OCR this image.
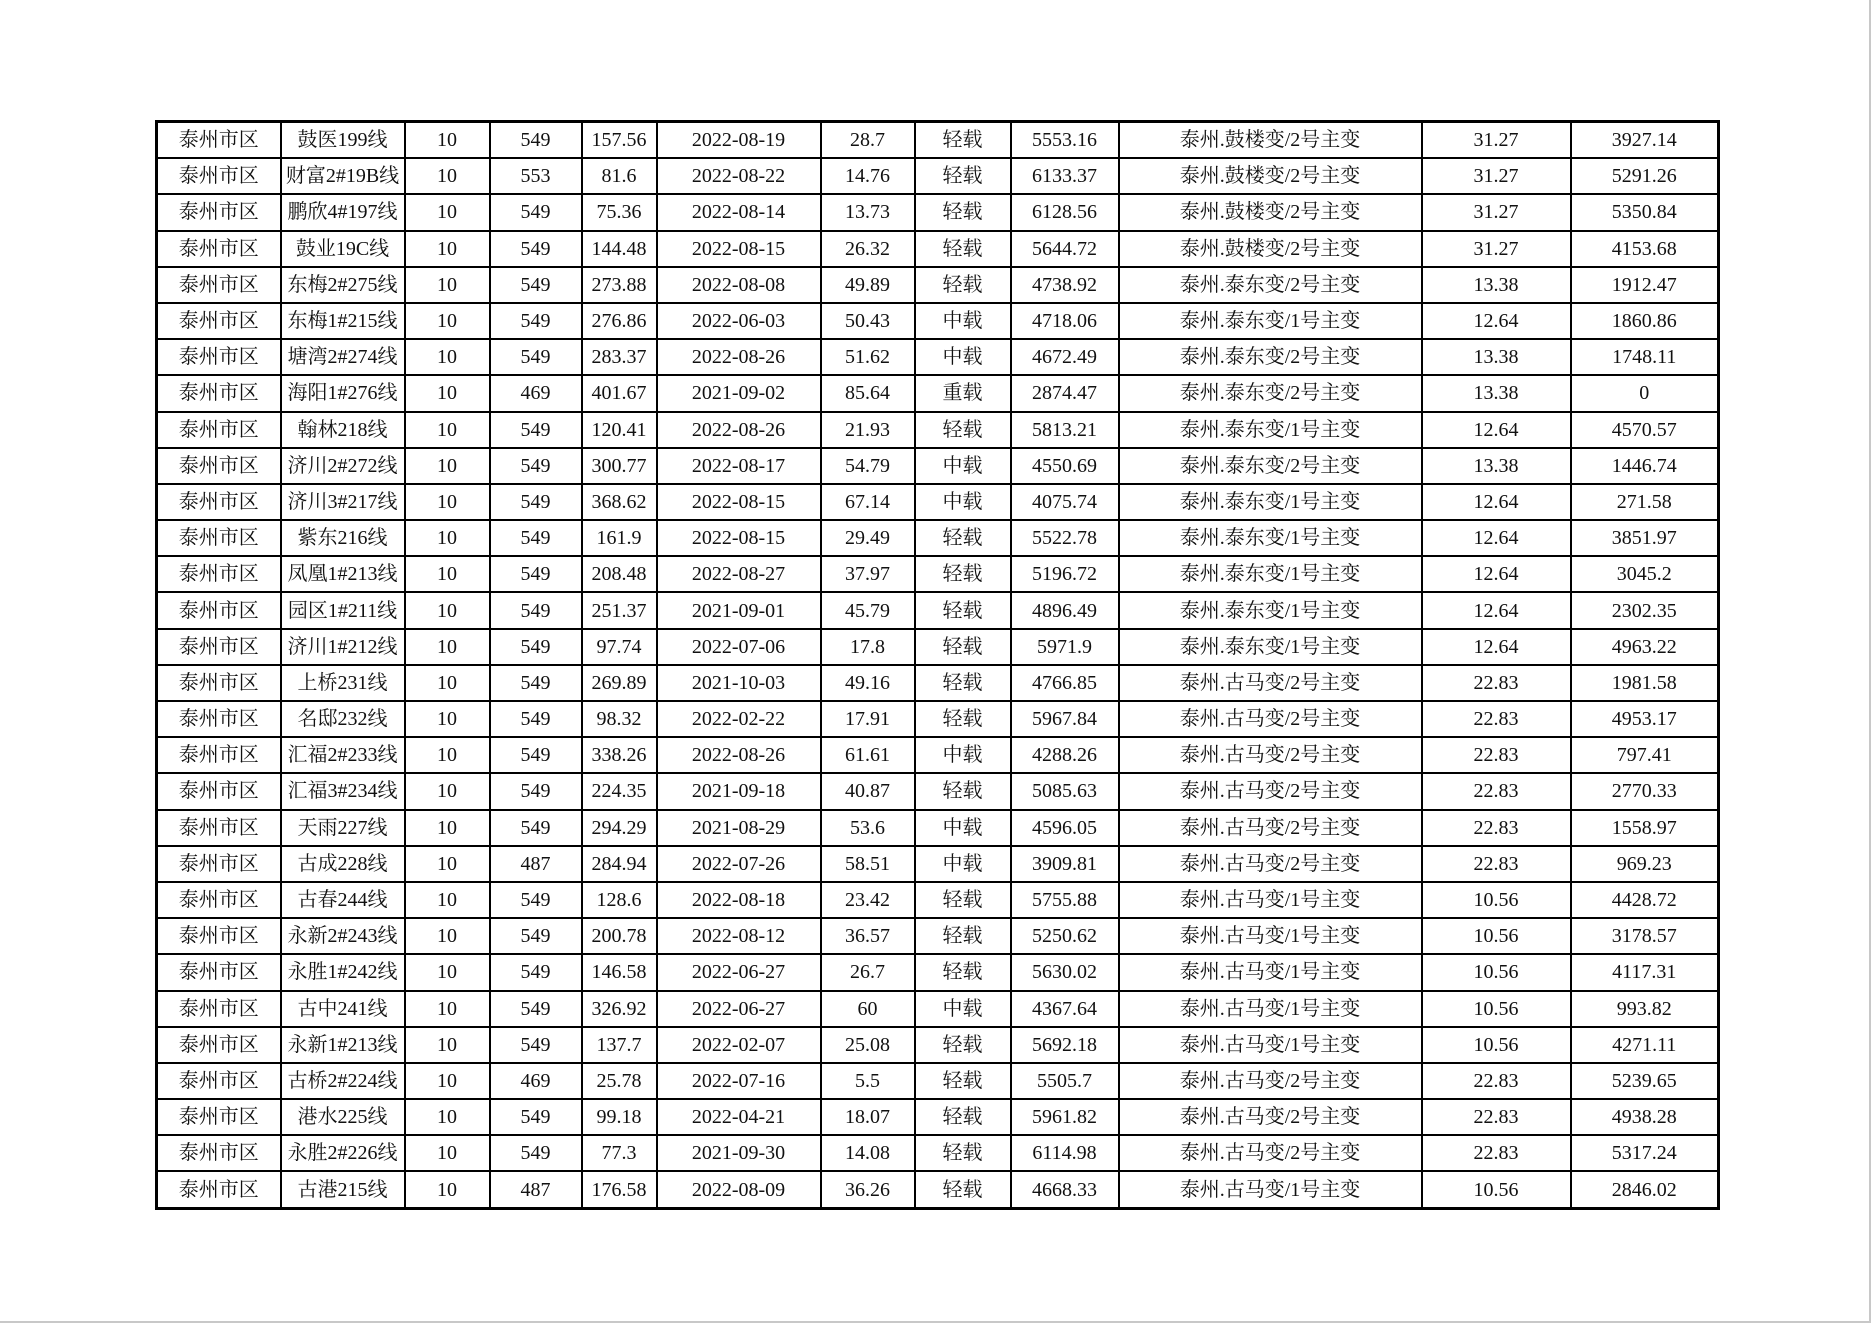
泰州市区	鼓医199线	10	549	157.56	2022-08-19	28.7	轻载	5553.16	泰州.鼓楼变/2号主变	31.27	3927.14
泰州市区	财富2#19B线	10	553	81.6	2022-08-22	14.76	轻载	6133.37	泰州.鼓楼变/2号主变	31.27	5291.26
泰州市区	鹏欣4#197线	10	549	75.36	2022-08-14	13.73	轻载	6128.56	泰州.鼓楼变/2号主变	31.27	5350.84
泰州市区	鼓业19C线	10	549	144.48	2022-08-15	26.32	轻载	5644.72	泰州.鼓楼变/2号主变	31.27	4153.68
泰州市区	东梅2#275线	10	549	273.88	2022-08-08	49.89	轻载	4738.92	泰州.泰东变/2号主变	13.38	1912.47
泰州市区	东梅1#215线	10	549	276.86	2022-06-03	50.43	中载	4718.06	泰州.泰东变/1号主变	12.64	1860.86
泰州市区	塘湾2#274线	10	549	283.37	2022-08-26	51.62	中载	4672.49	泰州.泰东变/2号主变	13.38	1748.11
泰州市区	海阳1#276线	10	469	401.67	2021-09-02	85.64	重载	2874.47	泰州.泰东变/2号主变	13.38	0
泰州市区	翰林218线	10	549	120.41	2022-08-26	21.93	轻载	5813.21	泰州.泰东变/1号主变	12.64	4570.57
泰州市区	济川2#272线	10	549	300.77	2022-08-17	54.79	中载	4550.69	泰州.泰东变/2号主变	13.38	1446.74
泰州市区	济川3#217线	10	549	368.62	2022-08-15	67.14	中载	4075.74	泰州.泰东变/1号主变	12.64	271.58
泰州市区	紫东216线	10	549	161.9	2022-08-15	29.49	轻载	5522.78	泰州.泰东变/1号主变	12.64	3851.97
泰州市区	凤凰1#213线	10	549	208.48	2022-08-27	37.97	轻载	5196.72	泰州.泰东变/1号主变	12.64	3045.2
泰州市区	园区1#211线	10	549	251.37	2021-09-01	45.79	轻载	4896.49	泰州.泰东变/1号主变	12.64	2302.35
泰州市区	济川1#212线	10	549	97.74	2022-07-06	17.8	轻载	5971.9	泰州.泰东变/1号主变	12.64	4963.22
泰州市区	上桥231线	10	549	269.89	2021-10-03	49.16	轻载	4766.85	泰州.古马变/2号主变	22.83	1981.58
泰州市区	名邸232线	10	549	98.32	2022-02-22	17.91	轻载	5967.84	泰州.古马变/2号主变	22.83	4953.17
泰州市区	汇福2#233线	10	549	338.26	2022-08-26	61.61	中载	4288.26	泰州.古马变/2号主变	22.83	797.41
泰州市区	汇福3#234线	10	549	224.35	2021-09-18	40.87	轻载	5085.63	泰州.古马变/2号主变	22.83	2770.33
泰州市区	天雨227线	10	549	294.29	2021-08-29	53.6	中载	4596.05	泰州.古马变/2号主变	22.83	1558.97
泰州市区	古成228线	10	487	284.94	2022-07-26	58.51	中载	3909.81	泰州.古马变/2号主变	22.83	969.23
泰州市区	古春244线	10	549	128.6	2022-08-18	23.42	轻载	5755.88	泰州.古马变/1号主变	10.56	4428.72
泰州市区	永新2#243线	10	549	200.78	2022-08-12	36.57	轻载	5250.62	泰州.古马变/1号主变	10.56	3178.57
泰州市区	永胜1#242线	10	549	146.58	2022-06-27	26.7	轻载	5630.02	泰州.古马变/1号主变	10.56	4117.31
泰州市区	古中241线	10	549	326.92	2022-06-27	60	中载	4367.64	泰州.古马变/1号主变	10.56	993.82
泰州市区	永新1#213线	10	549	137.7	2022-02-07	25.08	轻载	5692.18	泰州.古马变/1号主变	10.56	4271.11
泰州市区	古桥2#224线	10	469	25.78	2022-07-16	5.5	轻载	5505.7	泰州.古马变/2号主变	22.83	5239.65
泰州市区	港水225线	10	549	99.18	2022-04-21	18.07	轻载	5961.82	泰州.古马变/2号主变	22.83	4938.28
泰州市区	永胜2#226线	10	549	77.3	2021-09-30	14.08	轻载	6114.98	泰州.古马变/2号主变	22.83	5317.24
泰州市区	古港215线	10	487	176.58	2022-08-09	36.26	轻载	4668.33	泰州.古马变/1号主变	10.56	2846.02
